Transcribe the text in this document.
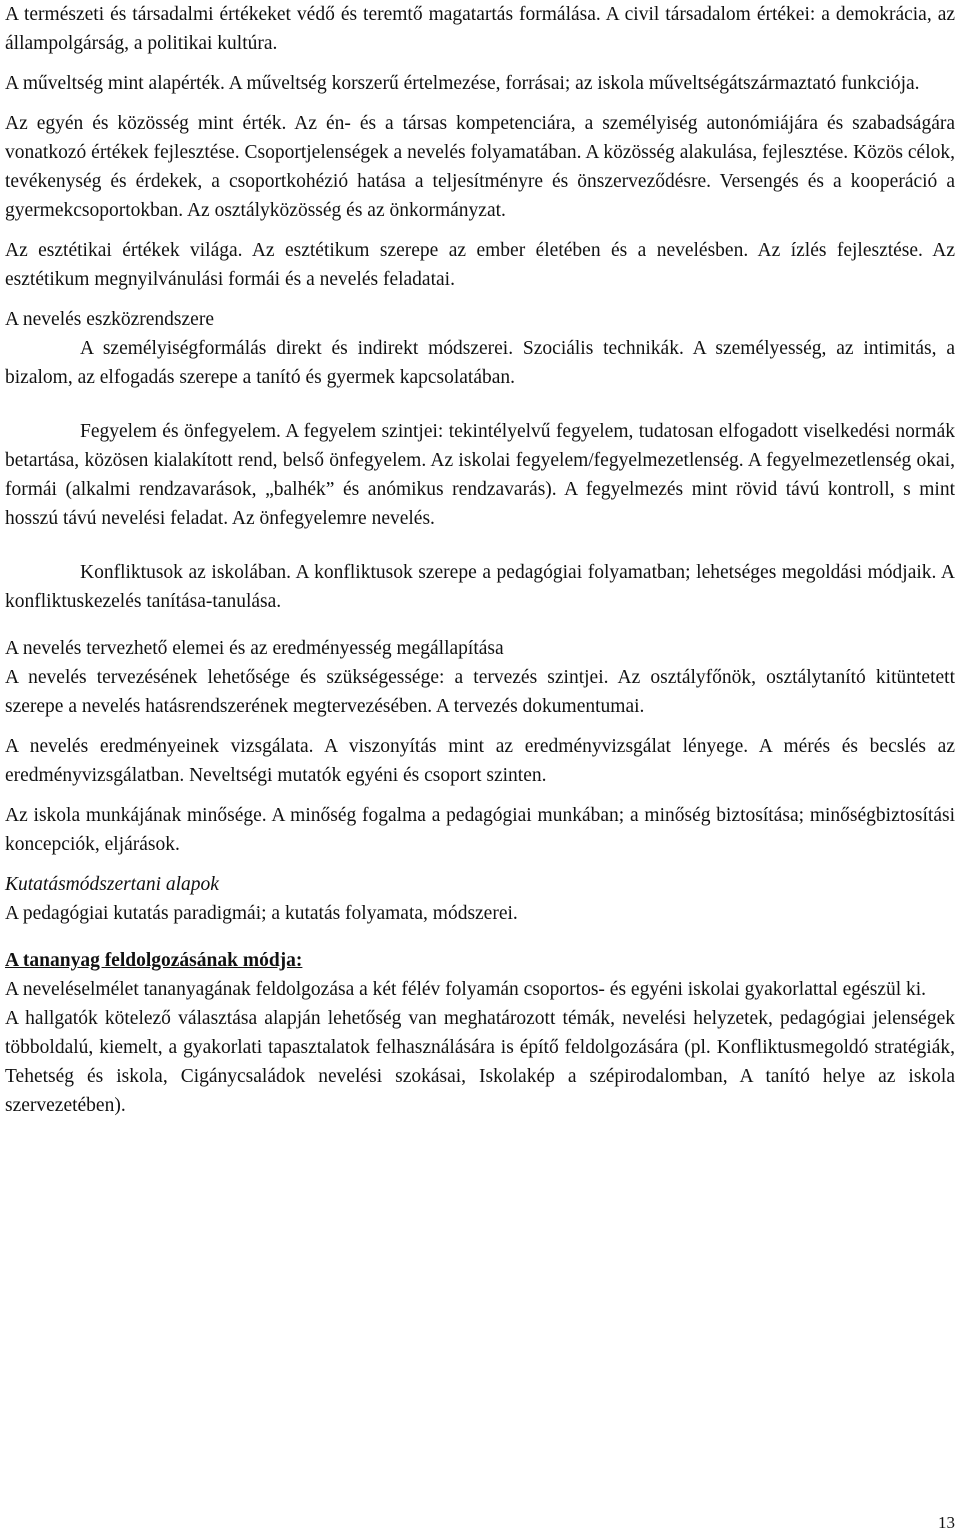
A természeti és társadalmi értékeket védő és teremtő magatartás formálása. A civil társadalom értékei: a demokrácia, az állampolgárság, a politikai kultúra.

A műveltség mint alapérték. A műveltség korszerű értelmezése, forrásai; az iskola műveltségátszármaztató funkciója.

Az egyén és közösség mint érték. Az én- és a társas kompetenciára, a személyiség autonómiájára és szabadságára vonatkozó értékek fejlesztése. Csoportjelenségek a nevelés folyamatában. A közösség alakulása, fejlesztése. Közös célok, tevékenység és érdekek, a csoportkohézió hatása a teljesítményre és önszerveződésre. Versengés és a kooperáció a gyermekcsoportokban. Az osztályközösség és az önkormányzat.

Az esztétikai értékek világa. Az esztétikum szerepe az ember életében és a nevelésben. Az ízlés fejlesztése. Az esztétikum megnyilvánulási formái és a nevelés feladatai.

A nevelés eszközrendszere

A személyiségformálás direkt és indirekt módszerei. Szociális technikák. A személyesség, az intimitás, a bizalom, az elfogadás szerepe a tanító és gyermek kapcsolatában.

Fegyelem és önfegyelem. A fegyelem szintjei: tekintélyelvű fegyelem, tudatosan elfogadott viselkedési normák betartása, közösen kialakított rend, belső önfegyelem. Az iskolai fegyelem/fegyelmezetlenség. A fegyelmezetlenség okai, formái (alkalmi rendzavarások, „balhék” és anómikus rendzavarás). A fegyelmezés mint rövid távú kontroll, s mint hosszú távú nevelési feladat. Az önfegyelemre nevelés.

Konfliktusok az iskolában. A konfliktusok szerepe a pedagógiai folyamatban; lehetséges megoldási módjaik. A konfliktuskezelés tanítása-tanulása.

A nevelés tervezhető elemei és az eredményesség megállapítása

A nevelés tervezésének lehetősége és szükségessége: a tervezés szintjei. Az osztályfőnök, osztálytanító kitüntetett szerepe a nevelés hatásrendszerének megtervezésében. A tervezés dokumentumai.

A nevelés eredményeinek vizsgálata. A viszonyítás mint az eredményvizsgálat lényege. A mérés és becslés az eredményvizsgálatban. Neveltségi mutatók egyéni és csoport szinten.

Az iskola munkájának minősége. A minőség fogalma a pedagógiai munkában; a minőség biztosítása; minőségbiztosítási koncepciók, eljárások.

Kutatásmódszertani alapok

A pedagógiai kutatás paradigmái; a kutatás folyamata, módszerei.

A tananyag feldolgozásának módja:

A neveléselmélet tananyagának feldolgozása a két félév folyamán csoportos- és egyéni iskolai gyakorlattal egészül ki.

A hallgatók kötelező választása alapján lehetőség van meghatározott témák, nevelési helyzetek, pedagógiai jelenségek többoldalú, kiemelt, a gyakorlati tapasztalatok felhasználására is építő feldolgozására (pl. Konfliktusmegoldó stratégiák, Tehetség és iskola, Cigánycsaládok nevelési szokásai, Iskolakép a szépirodalomban, A tanító helye az iskola szervezetében).

13
